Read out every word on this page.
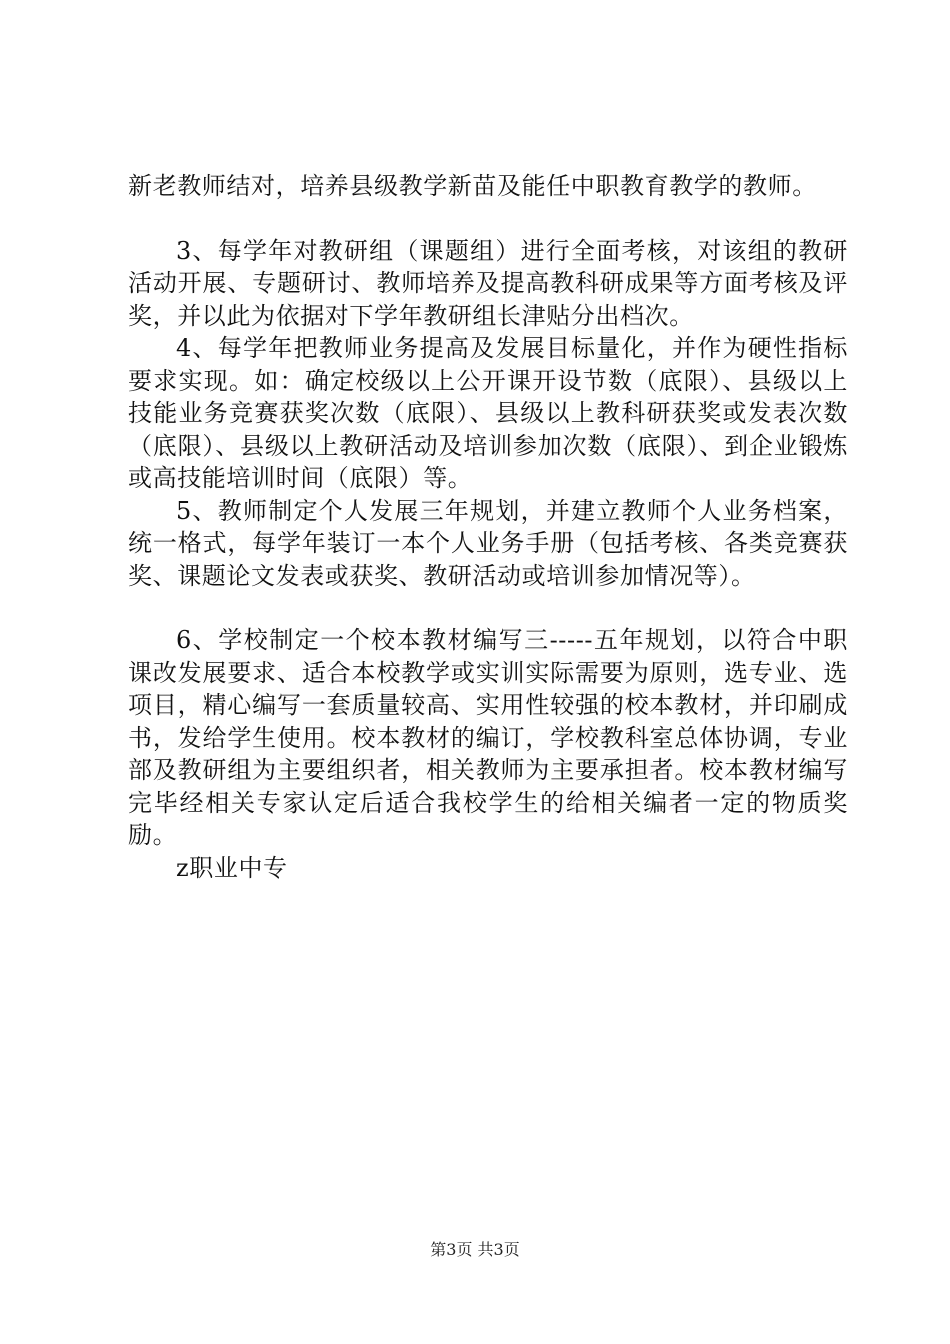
新老教师结对，培养县级教学新苗及能任中职教育教学的教师。

3、每学年对教研组（课题组）进行全面考核，对该组的教研活动开展、专题研讨、教师培养及提高教科研成果等方面考核及评奖，并以此为依据对下学年教研组长津贴分出档次。

4、每学年把教师业务提高及发展目标量化，并作为硬性指标要求实现。如：确定校级以上公开课开设节数（底限）、县级以上技能业务竞赛获奖次数（底限）、县级以上教科研获奖或发表次数（底限）、县级以上教研活动及培训参加次数（底限）、到企业锻炼或高技能培训时间（底限）等。

5、教师制定个人发展三年规划，并建立教师个人业务档案，统一格式，每学年装订一本个人业务手册（包括考核、各类竞赛获奖、课题论文发表或获奖、教研活动或培训参加情况等）。

6、学校制定一个校本教材编写三-----五年规划，以符合中职课改发展要求、适合本校教学或实训实际需要为原则，选专业、选项目，精心编写一套质量较高、实用性较强的校本教材，并印刷成书，发给学生使用。校本教材的编订，学校教科室总体协调，专业部及教研组为主要组织者，相关教师为主要承担者。校本教材编写完毕经相关专家认定后适合我校学生的给相关编者一定的物质奖励。

z职业中专

第3页 共3页
